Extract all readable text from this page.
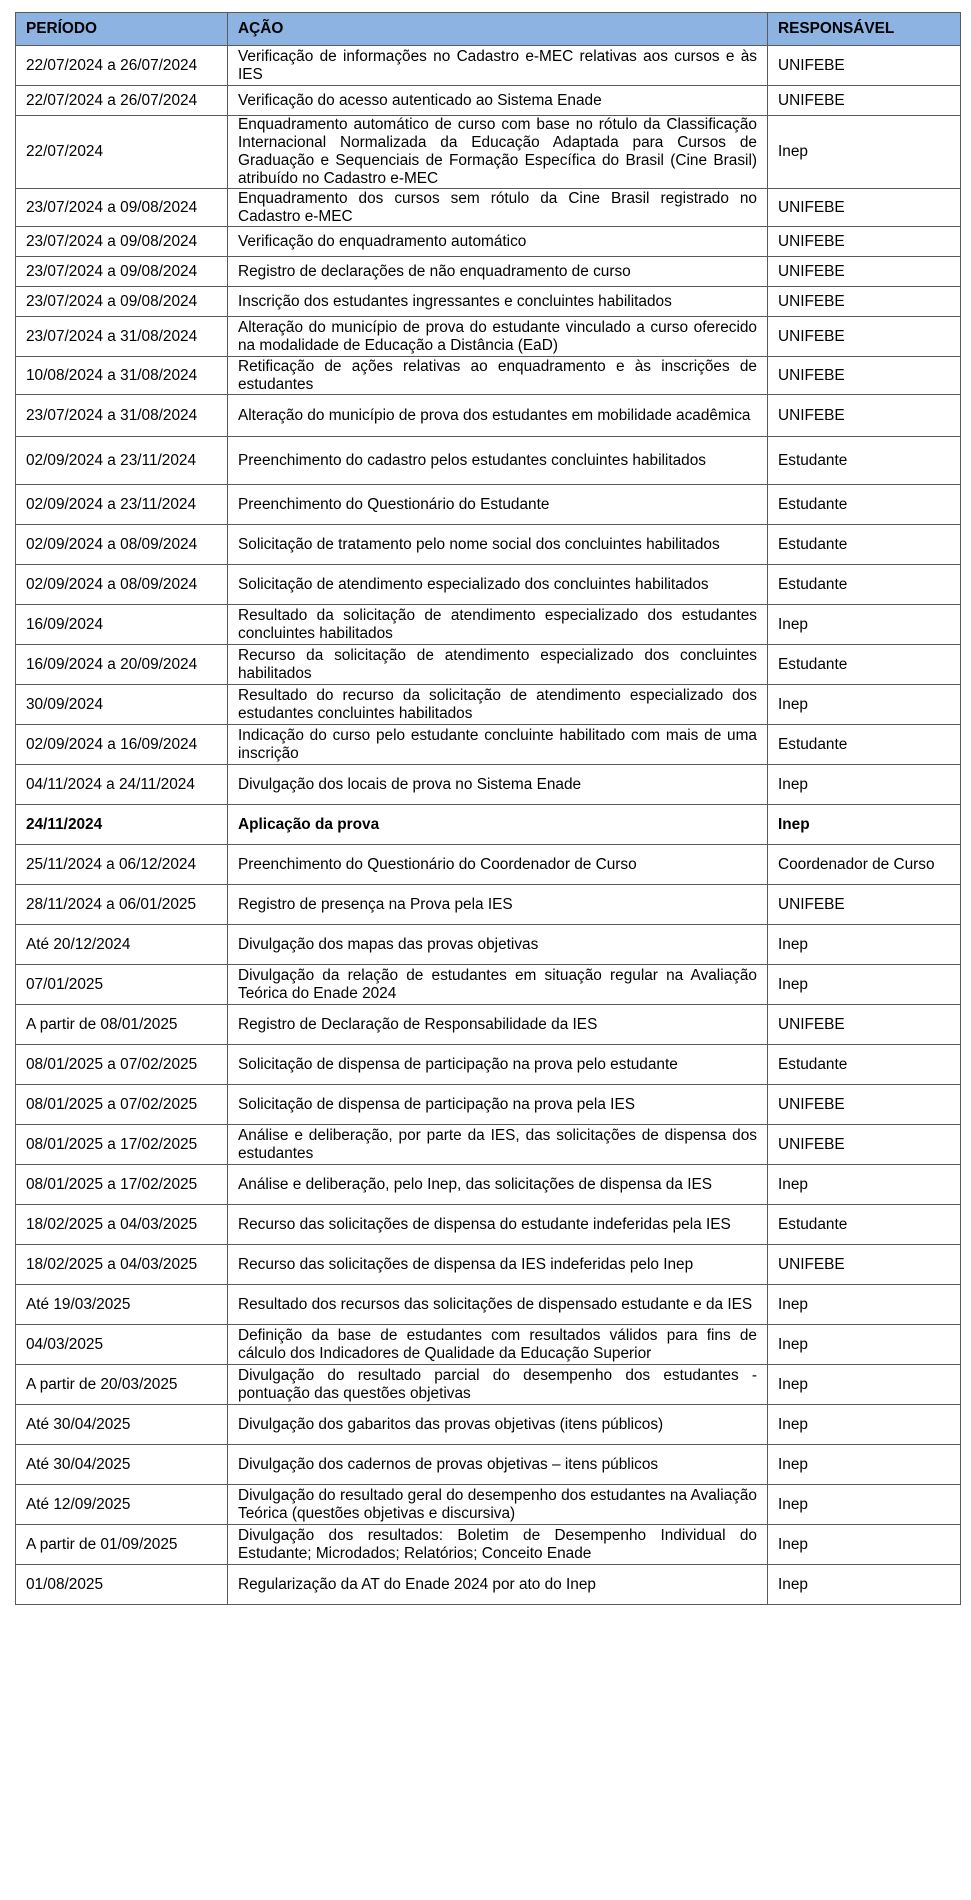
PERÍODO	AÇÃO	RESPONSÁVEL
22/07/2024 a 26/07/2024	Verificação de informações no Cadastro e-MEC relativas aos cursos e às IES	UNIFEBE
22/07/2024 a 26/07/2024	Verificação do acesso autenticado ao Sistema Enade	UNIFEBE
22/07/2024	Enquadramento automático de curso com base no rótulo da Classificação Internacional Normalizada da Educação Adaptada para Cursos de Graduação e Sequenciais de Formação Específica do Brasil (Cine Brasil) atribuído no Cadastro e-MEC	Inep
23/07/2024 a 09/08/2024	Enquadramento dos cursos sem rótulo da Cine Brasil registrado no Cadastro e-MEC	UNIFEBE
23/07/2024 a 09/08/2024	Verificação do enquadramento automático	UNIFEBE
23/07/2024 a 09/08/2024	Registro de declarações de não enquadramento de curso	UNIFEBE
23/07/2024 a 09/08/2024	Inscrição dos estudantes ingressantes e concluintes habilitados	UNIFEBE
23/07/2024 a 31/08/2024	Alteração do município de prova do estudante vinculado a curso oferecido na modalidade de Educação a Distância (EaD)	UNIFEBE
10/08/2024 a 31/08/2024	Retificação de ações relativas ao enquadramento e às inscrições de estudantes	UNIFEBE
23/07/2024 a 31/08/2024	Alteração do município de prova dos estudantes em mobilidade acadêmica	UNIFEBE
02/09/2024 a 23/11/2024	Preenchimento do cadastro pelos estudantes concluintes habilitados	Estudante
02/09/2024 a 23/11/2024	Preenchimento do Questionário do Estudante	Estudante
02/09/2024 a 08/09/2024	Solicitação de tratamento pelo nome social dos concluintes habilitados	Estudante
02/09/2024 a 08/09/2024	Solicitação de atendimento especializado dos concluintes habilitados	Estudante
16/09/2024	Resultado da solicitação de atendimento especializado dos estudantes concluintes habilitados	Inep
16/09/2024 a 20/09/2024	Recurso da solicitação de atendimento especializado dos concluintes habilitados	Estudante
30/09/2024	Resultado do recurso da solicitação de atendimento especializado dos estudantes concluintes habilitados	Inep
02/09/2024 a 16/09/2024	Indicação do curso pelo estudante concluinte habilitado com mais de uma inscrição	Estudante
04/11/2024 a 24/11/2024	Divulgação dos locais de prova no Sistema Enade	Inep
24/11/2024	Aplicação da prova	Inep
25/11/2024 a 06/12/2024	Preenchimento do Questionário do Coordenador de Curso	Coordenador de Curso
28/11/2024 a 06/01/2025	Registro de presença na Prova pela IES	UNIFEBE
Até 20/12/2024	Divulgação dos mapas das provas objetivas	Inep
07/01/2025	Divulgação da relação de estudantes em situação regular na Avaliação Teórica do Enade 2024	Inep
A partir de 08/01/2025	Registro de Declaração de Responsabilidade da IES	UNIFEBE
08/01/2025 a 07/02/2025	Solicitação de dispensa de participação na prova pelo estudante	Estudante
08/01/2025 a 07/02/2025	Solicitação de dispensa de participação na prova pela IES	UNIFEBE
08/01/2025 a 17/02/2025	Análise e deliberação, por parte da IES, das solicitações de dispensa dos estudantes	UNIFEBE
08/01/2025 a 17/02/2025	Análise e deliberação, pelo Inep, das solicitações de dispensa da IES	Inep
18/02/2025 a 04/03/2025	Recurso das solicitações de dispensa do estudante indeferidas pela IES	Estudante
18/02/2025 a 04/03/2025	Recurso das solicitações de dispensa da IES indeferidas pelo Inep	UNIFEBE
Até 19/03/2025	Resultado dos recursos das solicitações de dispensado estudante e da IES	Inep
04/03/2025	Definição da base de estudantes com resultados válidos para fins de cálculo dos Indicadores de Qualidade da Educação Superior	Inep
A partir de 20/03/2025	Divulgação do resultado parcial do desempenho dos estudantes - pontuação das questões objetivas	Inep
Até 30/04/2025	Divulgação dos gabaritos das provas objetivas (itens públicos)	Inep
Até 30/04/2025	Divulgação dos cadernos de provas objetivas – itens públicos	Inep
Até 12/09/2025	Divulgação do resultado geral do desempenho dos estudantes na Avaliação Teórica (questões objetivas e discursiva)	Inep
A partir de 01/09/2025	Divulgação dos resultados: Boletim de Desempenho Individual do Estudante; Microdados; Relatórios; Conceito Enade	Inep
01/08/2025	Regularização da AT do Enade 2024 por ato do Inep	Inep
